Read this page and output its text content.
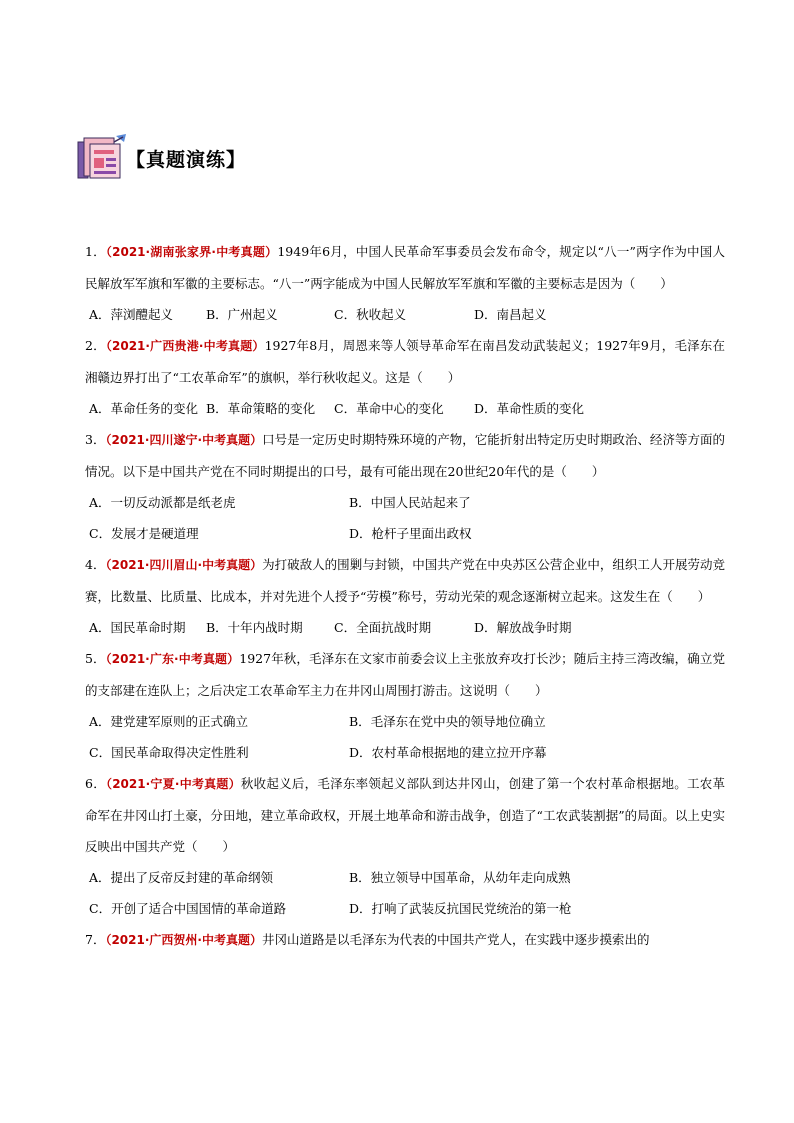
【真题演练】
1．（2021·湖南张家界·中考真题）1949年6月，中国人民革命军事委员会发布命令，规定以“八一”两字作为中国人民解放军军旗和军徽的主要标志。“八一”两字能成为中国人民解放军军旗和军徽的主要标志是因为（　　）
A．萍浏醴起义	B．广州起义	C．秋收起义	D．南昌起义
2．（2021·广西贵港·中考真题）1927年8月，周恩来等人领导革命军在南昌发动武装起义；1927年9月，毛泽东在湘赣边界打出了“工农革命军”的旗帜，举行秋收起义。这是（　　）
A．革命任务的变化 B．革命策略的变化	C．革命中心的变化	D．革命性质的变化
3．（2021·四川遂宁·中考真题）口号是一定历史时期特殊环境的产物，它能折射出特定历史时期政治、经济等方面的情况。以下是中国共产党在不同时期提出的口号，最有可能出现在20世纪20年代的是（　　）
A．一切反动派都是纸老虎	B．中国人民站起来了
C．发展才是硬道理	D．枪杆子里面出政权
4．（2021·四川眉山·中考真题）为打破敌人的围剿与封锁，中国共产党在中央苏区公营企业中，组织工人开展劳动竞赛，比数量、比质量、比成本，并对先进个人授予“劳模”称号，劳动光荣的观念逐渐树立起来。这发生在（　　）
A．国民革命时期	B．十年内战时期	C．全面抗战时期	D．解放战争时期
5．（2021·广东·中考真题）1927年秋，毛泽东在文家市前委会议上主张放弃攻打长沙；随后主持三湾改编，确立党的支部建在连队上；之后决定工农革命军主力在井冈山周围打游击。这说明（　　）
A．建党建军原则的正式确立	B．毛泽东在党中央的领导地位确立
C．国民革命取得决定性胜利	D．农村革命根据地的建立拉开序幕
6．（2021·宁夏·中考真题）秋收起义后，毛泽东率领起义部队到达井冈山，创建了第一个农村革命根据地。工农革命军在井冈山打土豪，分田地，建立革命政权，开展土地革命和游击战争，创造了“工农武装割据”的局面。以上史实反映出中国共产党（　　）
A．提出了反帝反封建的革命纲领	B．独立领导中国革命，从幼年走向成熟
C．开创了适合中国国情的革命道路	D．打响了武装反抗国民党统治的第一枪
7．（2021·广西贺州·中考真题）井冈山道路是以毛泽东为代表的中国共产党人，在实践中逐步摸索出的
